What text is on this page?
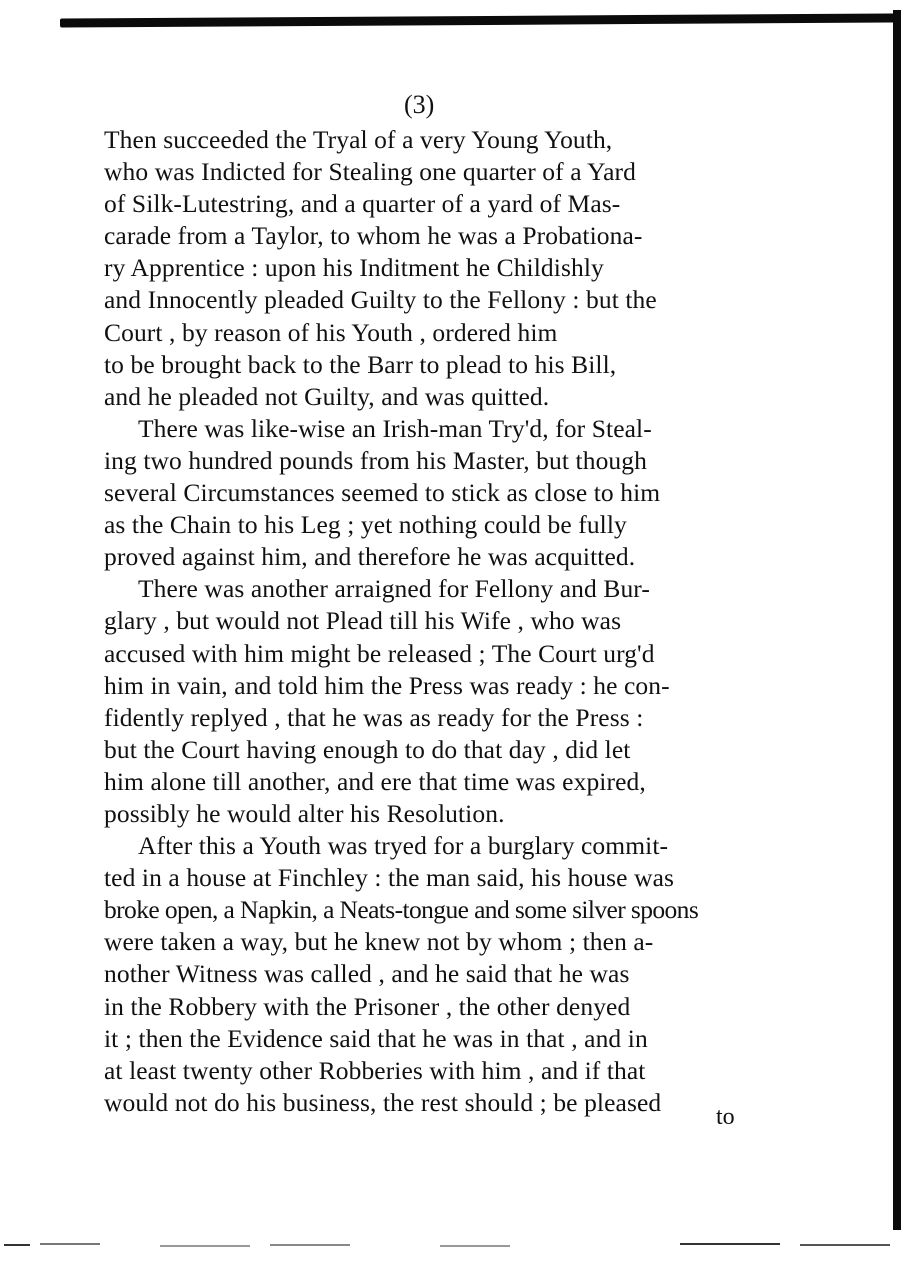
(3)
Then succeeded the Tryal of a very Young Youth,
who was Indicted for Stealing one quarter of a Yard
of Silk-Lutestring, and a quarter of a yard of Mas-
carade from a Taylor, to whom he was a Probationa-
ry Apprentice : upon his Inditment he Childishly
and Innocently pleaded Guilty to the Fellony : but the
Court , by reason of his Youth , ordered him
to be brought back to the Barr to plead to his Bill,
and he pleaded not Guilty, and was quitted.
There was like-wise an Irish-man Try'd, for Steal-
ing two hundred pounds from his Master, but though
several Circumstances seemed to stick as close to him
as the Chain to his Leg ; yet nothing could be fully
proved against him, and therefore he was acquitted.
There was another arraigned for Fellony and Bur-
glary , but would not Plead till his Wife , who was
accused with him might be released ; The Court urg'd
him in vain, and told him the Press was ready : he con-
fidently replyed , that he was as ready for the Press :
but the Court having enough to do that day , did let
him alone till another, and ere that time was expired,
possibly he would alter his Resolution.
After this a Youth was tryed for a burglary commit-
ted in a house at Finchley : the man said, his house was
broke open, a Napkin, a Neats-tongue and some silver spoons
were taken a way, but he knew not by whom ; then a-
nother Witness was called , and he said that he was
in the Robbery with the Prisoner , the other denyed
it ; then the Evidence said that he was in that , and in
at least twenty other Robberies with him , and if that
would not do his business, the rest should ; be pleased
to
